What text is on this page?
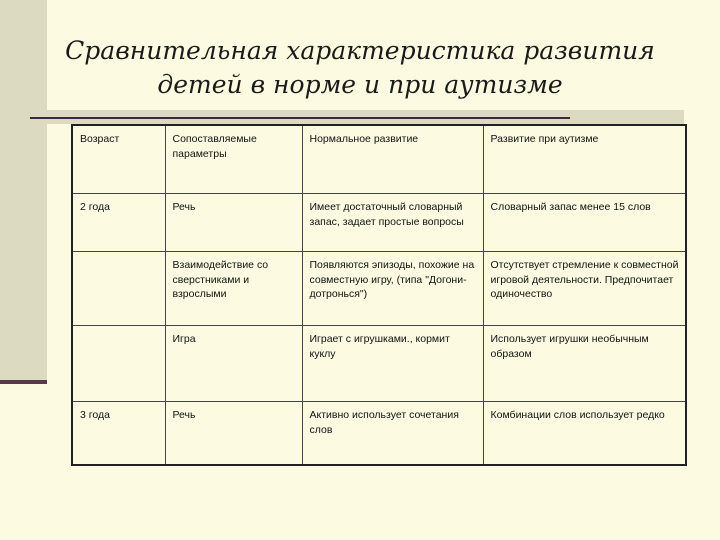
Сравнительная характеристика развития
детей в норме и при аутизме
Возраст	Сопоставляемые параметры	Нормальное развитие	Развитие при аутизме
2 года	Речь	Имеет достаточный словарный запас, задает простые вопросы	Словарный запас менее 15 слов
	Взаимодействие со сверстниками и взрослыми	Появляются эпизоды, похожие на совместную игру, (типа "Догони-дотронься")	Отсутствует стремление к совместной игровой деятельности. Предпочитает одиночество
	Игра	Играет с игрушками., кормит куклу	Использует игрушки необычным образом
3 года	Речь	Активно использует сочетания слов	Комбинации слов использует редко
